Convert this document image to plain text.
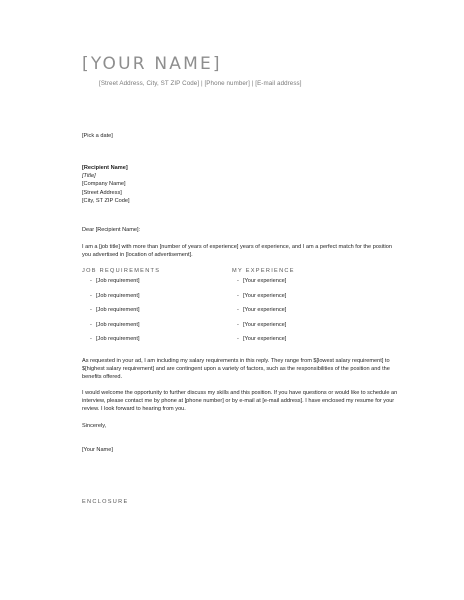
[YOUR NAME]
[Street Address, City, ST ZIP Code] | [Phone number] | [E-mail address]
[Pick a date]
[Recipient Name]
[Title]
[Company Name]
[Street Address]
[City, ST ZIP Code]
Dear [Recipient Name]:
I am a [job title] with more than [number of years of experience] years of experience, and I am a perfect match for the position you advertised in [location of advertisement].
JOB REQUIREMENTS	MY EXPERIENCE
- [Job requirement]
- [Job requirement]
- [Job requirement]
- [Job requirement]
- [Job requirement]
- [Your experience]
- [Your experience]
- [Your experience]
- [Your experience]
- [Your experience]
As requested in your ad, I am including my salary requirements in this reply. They range from $[lowest salary requirement] to $[highest salary requirement] and are contingent upon a variety of factors, such as the responsibilities of the position and the benefits offered.
I would welcome the opportunity to further discuss my skills and this position. If you have questions or would like to schedule an interview, please contact me by phone at [phone number] or by e-mail at [e-mail address]. I have enclosed my resume for your review. I look forward to hearing from you.
Sincerely,
[Your Name]
ENCLOSURE
